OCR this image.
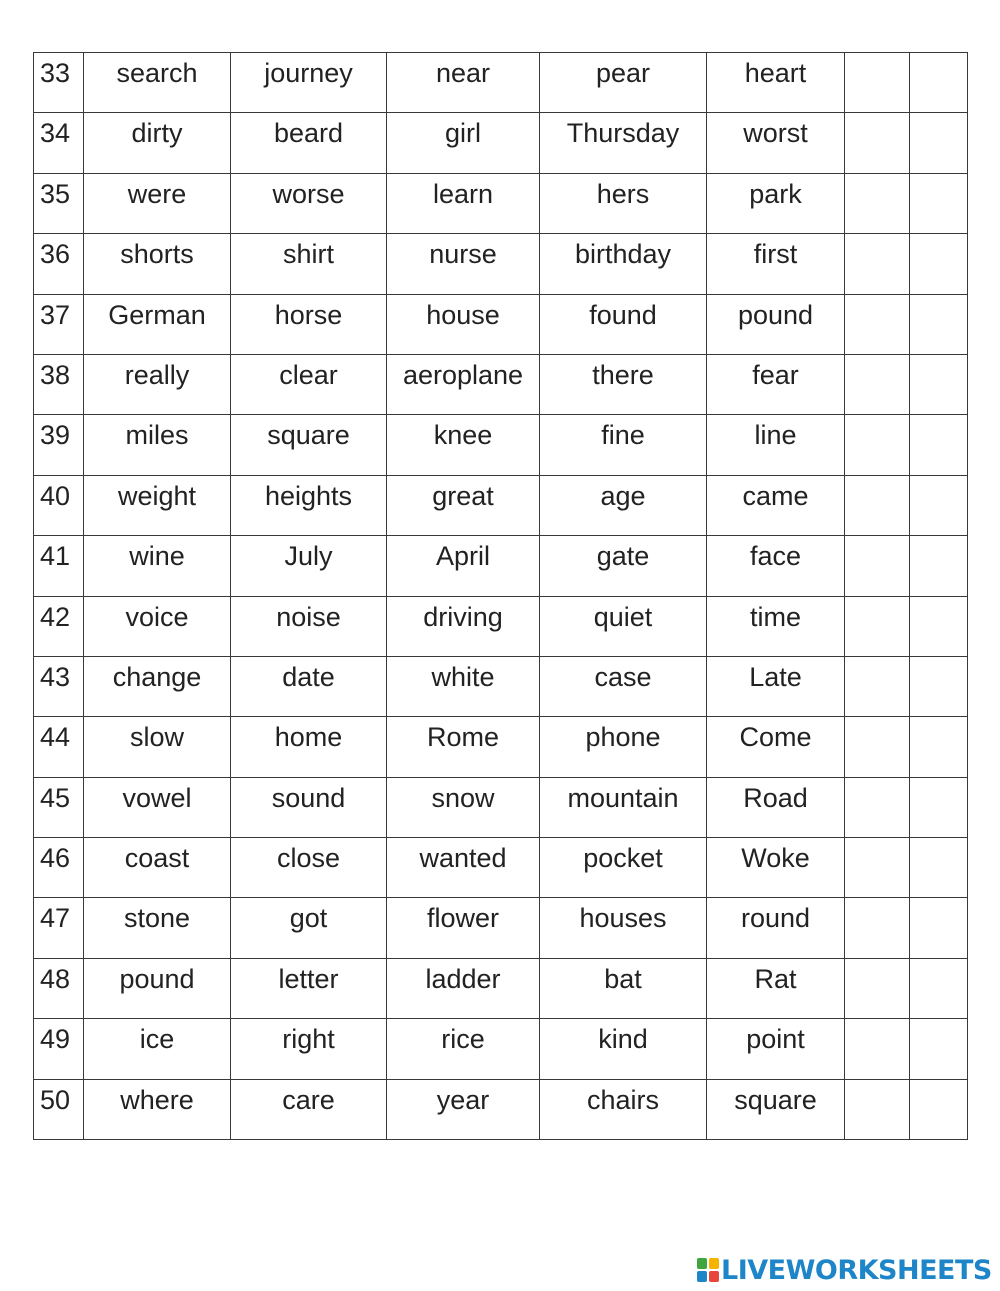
33	search	journey	near	pear	heart		
34	dirty	beard	girl	Thursday	worst		
35	were	worse	learn	hers	park		
36	shorts	shirt	nurse	birthday	first		
37	German	horse	house	found	pound		
38	really	clear	aeroplane	there	fear		
39	miles	square	knee	fine	line		
40	weight	heights	great	age	came		
41	wine	July	April	gate	face		
42	voice	noise	driving	quiet	time		
43	change	date	white	case	Late		
44	slow	home	Rome	phone	Come		
45	vowel	sound	snow	mountain	Road		
46	coast	close	wanted	pocket	Woke		
47	stone	got	flower	houses	round		
48	pound	letter	ladder	bat	Rat		
49	ice	right	rice	kind	point		
50	where	care	year	chairs	square		
LIVEWORKSHEETS
